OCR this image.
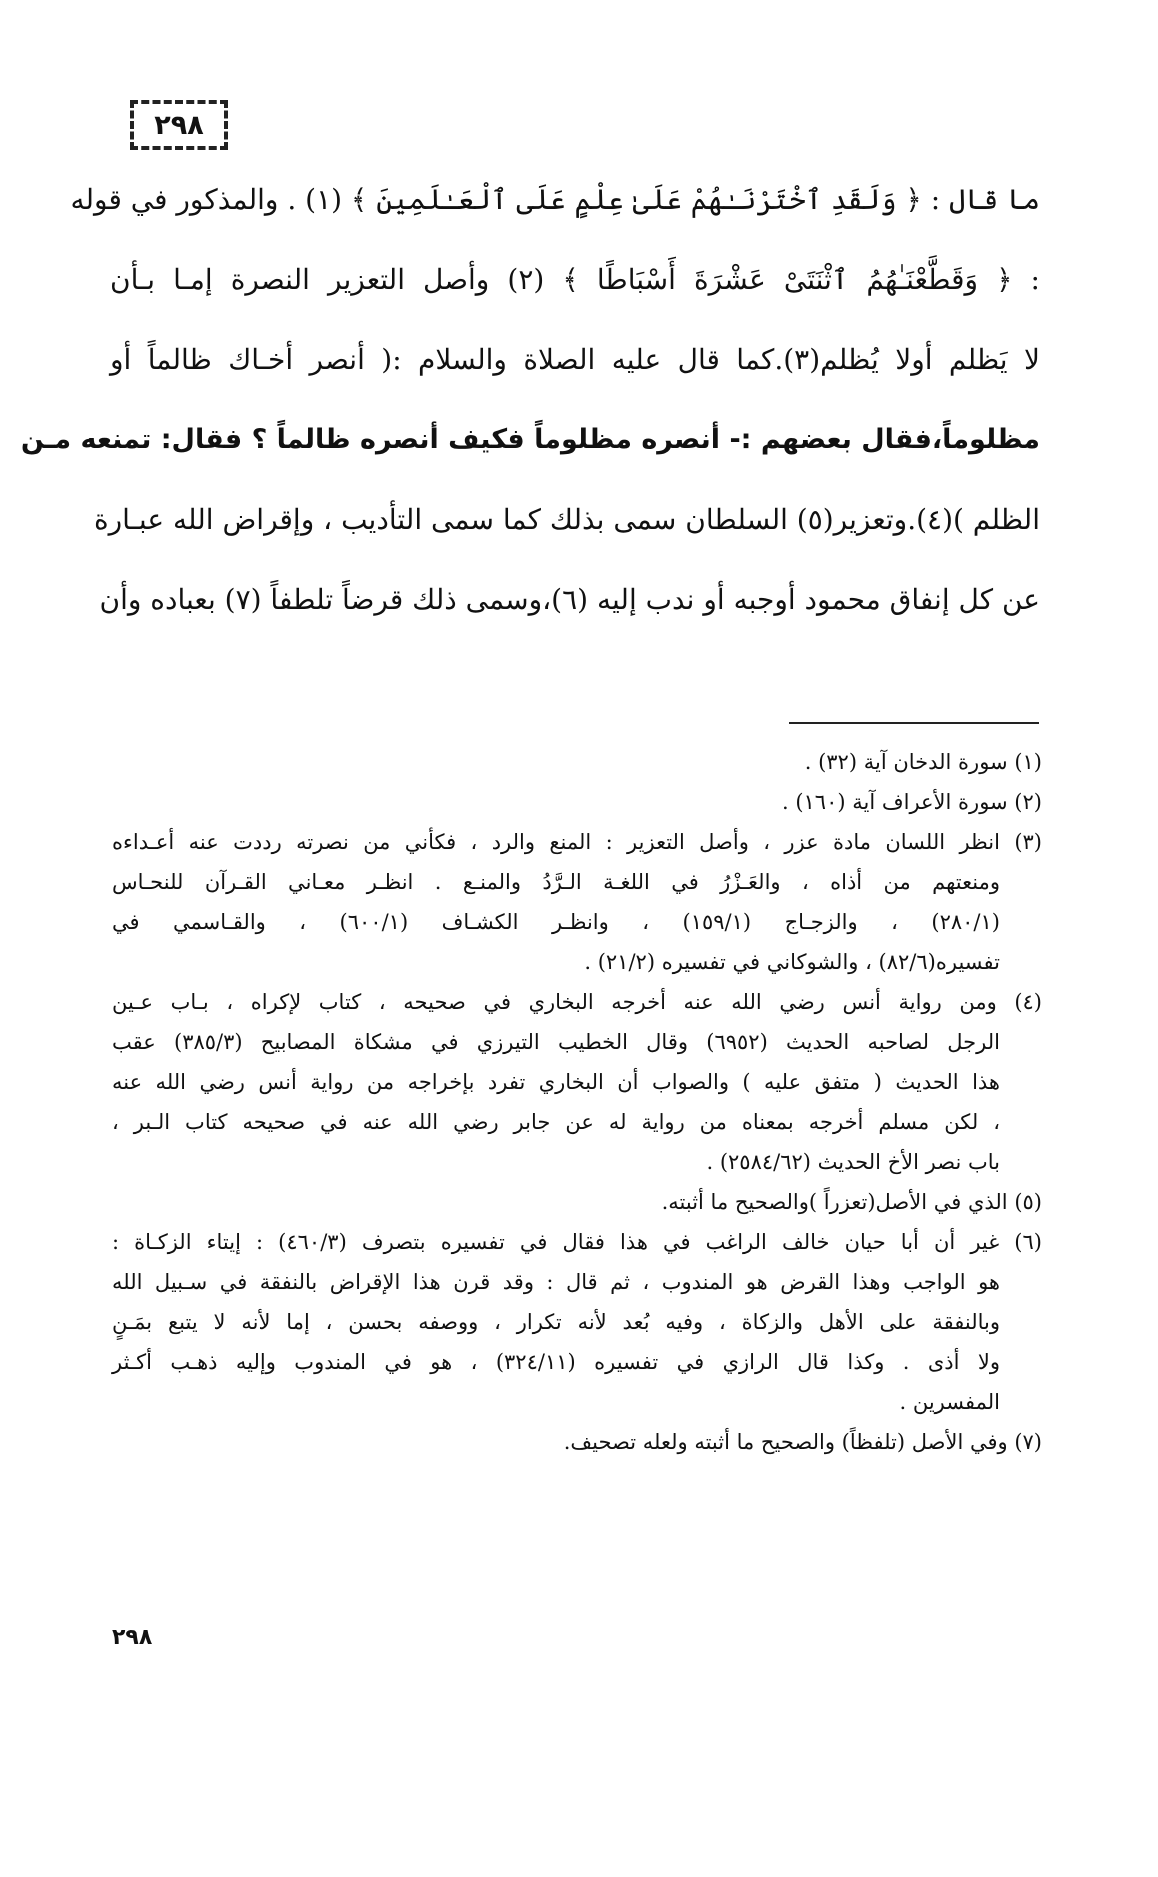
٢٩٨
ما قال : ﴿ وَلَقَدِ ٱخْتَرْنَـٰهُمْ عَلَىٰ عِلْمٍ عَلَى ٱلْعَـٰلَمِينَ ﴾ (١) . والمذكور في قوله
: ﴿ وَقَطَّعْنَـٰهُمُ ٱثْنَتَىْ عَشْرَةَ أَسْبَاطًا ﴾ (٢) وأصل التعزير النصرة إمـا بـأن
لا يَظلم أولا يُظلم(٣).كما قال عليه الصلاة والسلام :( أنصر أخـاك ظالماً أو
مظلوماً،فقال بعضهم :- أنصره مظلوماً فكيف أنصره ظالماً ؟ فقال: تمنعه مـن
الظلم )(٤).وتعزير(٥) السلطان سمى بذلك كما سمى التأديب ، وإقراض الله عبـارة
عن كل إنفاق محمود أوجبه أو ندب إليه (٦)،وسمى ذلك قرضاً تلطفاً (٧) بعباده وأن
(١) سورة الدخان آية (٣٢) .
(٢) سورة الأعراف آية (١٦٠) .
(٣) انظر اللسان مادة عزر ، وأصل التعزير : المنع والرد ، فكأني من نصرته رددت عنه أعـداءه
ومنعتهم من أذاه ، والعَـزْرُ في اللغـة الـرَّدُ والمنـع . انظـر معـاني القـرآن للنحـاس
(٢٨٠/١) ، والزجـاج (١٥٩/١) ، وانظـر الكشـاف (٦٠٠/١) ، والقـاسمي في
تفسيره(٨٢/٦) ، والشوكاني في تفسيره (٢١/٢) .
(٤) ومن رواية أنس رضي الله عنه أخرجه البخاري في صحيحه ، كتاب لإكراه ، بـاب عـين
الرجل لصاحبه الحديث (٦٩٥٢) وقال الخطيب التيرزي في مشكاة المصابيح (٣٨٥/٣) عقب
هذا الحديث ( متفق عليه ) والصواب أن البخاري تفرد بإخراجه من رواية أنس رضي الله عنه
، لكن مسلم أخرجه بمعناه من رواية له عن جابر رضي الله عنه في صحيحه كتاب الـبر ،
باب نصر الأخ الحديث (٢٥٨٤/٦٢) .
(٥) الذي في الأصل(تعزراً )والصحيح ما أثبته.
(٦) غير أن أبا حيان خالف الراغب في هذا فقال في تفسيره بتصرف (٤٦٠/٣) : إيتاء الزكـاة :
هو الواجب وهذا القرض هو المندوب ، ثم قال : وقد قرن هذا الإقراض بالنفقة في سـبيل الله
وبالنفقة على الأهل والزكاة ، وفيه بُعد لأنه تكرار ، ووصفه بحسن ، إما لأنه لا يتبع بمَـنٍ
ولا أذى . وكذا قال الرازي في تفسيره (٣٢٤/١١) ، هو في المندوب وإليه ذهـب أكـثر
المفسرين .
(٧) وفي الأصل (تلفظاً) والصحيح ما أثبته ولعله تصحيف.
٢٩٨
